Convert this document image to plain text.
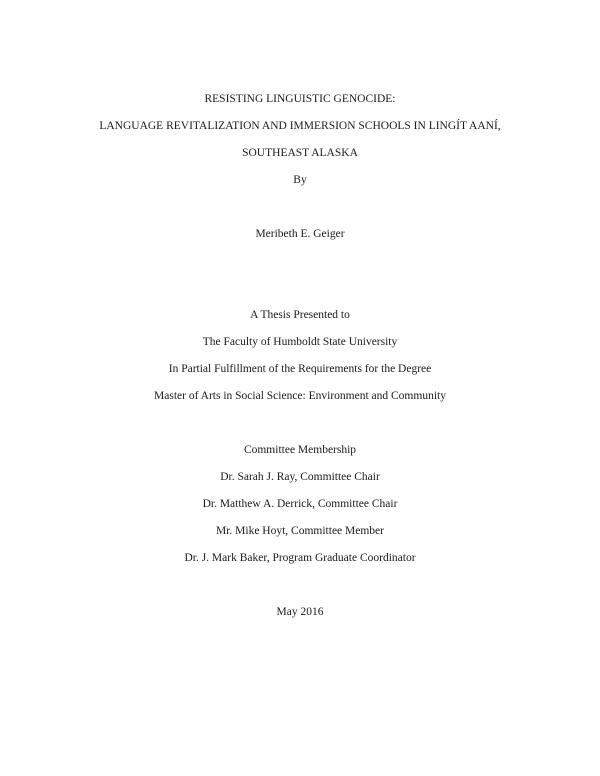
RESISTING LINGUISTIC GENOCIDE:
LANGUAGE REVITALIZATION AND IMMERSION SCHOOLS IN LINGÍT AANÍ,
SOUTHEAST ALASKA
By
Meribeth E. Geiger
A Thesis Presented to
The Faculty of Humboldt State University
In Partial Fulfillment of the Requirements for the Degree
Master of Arts in Social Science: Environment and Community
Committee Membership
Dr. Sarah J. Ray, Committee Chair
Dr. Matthew A. Derrick, Committee Chair
Mr. Mike Hoyt, Committee Member
Dr. J. Mark Baker, Program Graduate Coordinator
May 2016
